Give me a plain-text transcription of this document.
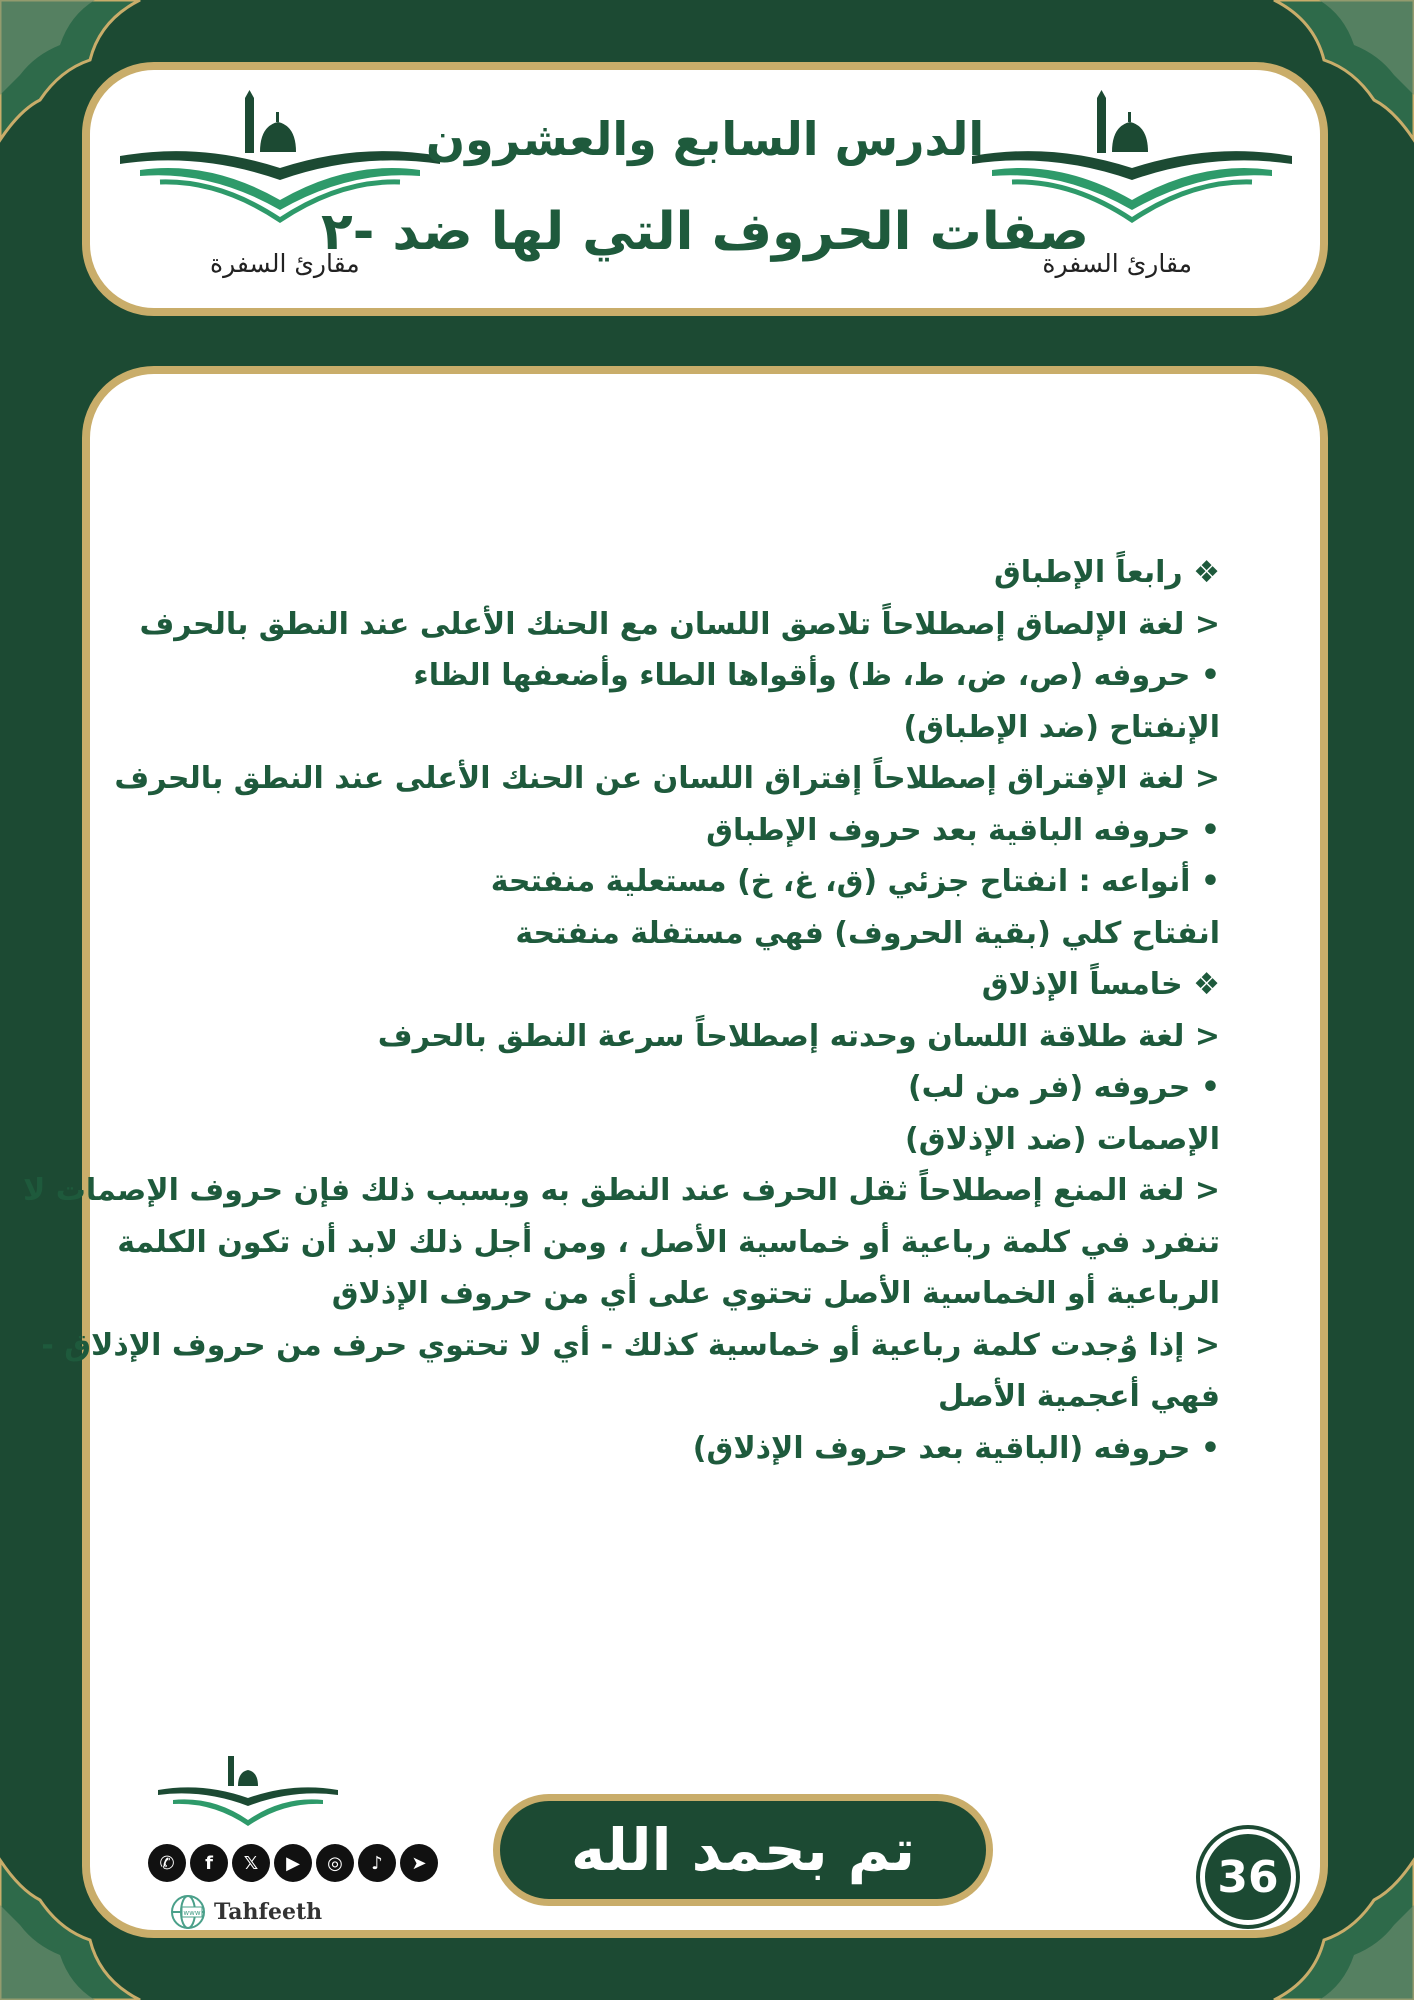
مقارئ السفرة
مقارئ السفرة
الدرس السابع والعشرون
صفات الحروف التي لها ضد -٢
❖ رابعاً الإطباق
< لغة الإلصاق إصطلاحاً تلاصق اللسان مع الحنك الأعلى عند النطق بالحرف
• حروفه (ص، ض، ط، ظ) وأقواها الطاء وأضعفها الظاء
الإنفتاح (ضد الإطباق)
< لغة الإفتراق إصطلاحاً إفتراق اللسان عن الحنك الأعلى عند النطق بالحرف
• حروفه الباقية بعد حروف الإطباق
• أنواعه : انفتاح جزئي (ق، غ، خ) مستعلية منفتحة
انفتاح كلي (بقية الحروف) فهي مستفلة منفتحة
❖ خامساً الإذلاق
< لغة طلاقة اللسان وحدته إصطلاحاً سرعة النطق بالحرف
• حروفه (فر من لب)
الإصمات (ضد الإذلاق)
< لغة المنع إصطلاحاً ثقل الحرف عند النطق به وبسبب ذلك فإن حروف الإصمات لا
تنفرد في كلمة رباعية أو خماسية الأصل ، ومن أجل ذلك لابد أن تكون الكلمة
الرباعية أو الخماسية الأصل تحتوي على أي من حروف الإذلاق
< إذا وُجدت كلمة رباعية أو خماسية كذلك - أي لا تحتوي حرف من حروف الإذلاق -
فهي أعجمية الأصل
• حروفه (الباقية بعد حروف الإذلاق)
✆	f	𝕏	▶	◎	♪	➤
www Tahfeeth
تم بحمد الله	36
